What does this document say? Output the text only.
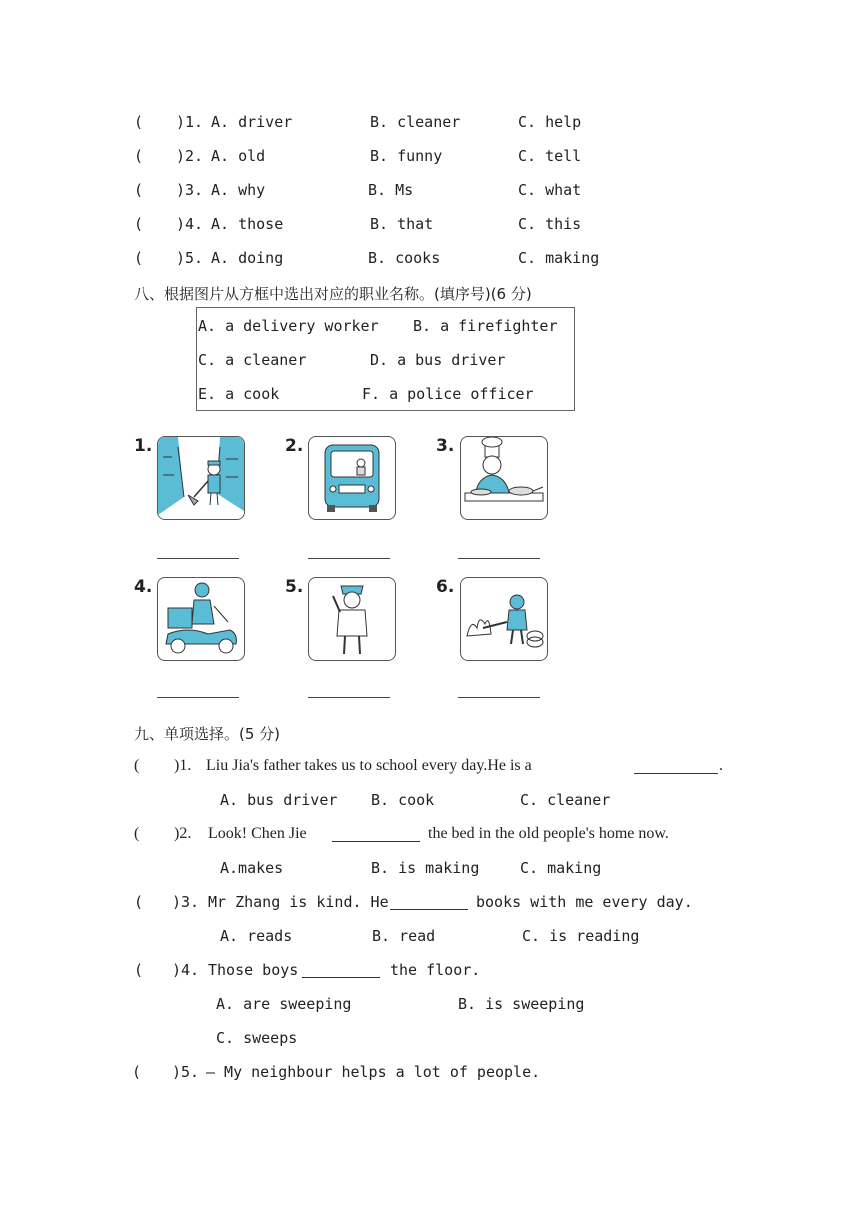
( )1. A. driver	B. cleaner	C. help
( )2. A. old	B. funny	C. tell
( )3. A. why	B. Ms	C. what
( )4. A. those	B. that	C. this
( )5. A. doing	B. cooks	C. making
八、根据图片从方框中选出对应的职业名称。(填序号)(6 分)
A. a delivery worker B. a firefighter
C. a cleaner	D. a bus driver
E. a cook	F. a police officer
1.	2.	3.
4.	5.	6.
九、单项选择。(5 分)
( )1. Liu Jia's father takes us to school every day.He is a	.
A. bus driver B. cook	C. cleaner
( )2. Look! Chen Jie	the bed in the old people's home now.
A.makes	B. is making	C. making
( )3. Mr Zhang is kind. He	books with me every day.
A. reads	B. read	C. is reading
( )4. Those boys	the floor.
A. are sweeping	B. is sweeping
C. sweeps
( )5. — My neighbour helps a lot of people.
